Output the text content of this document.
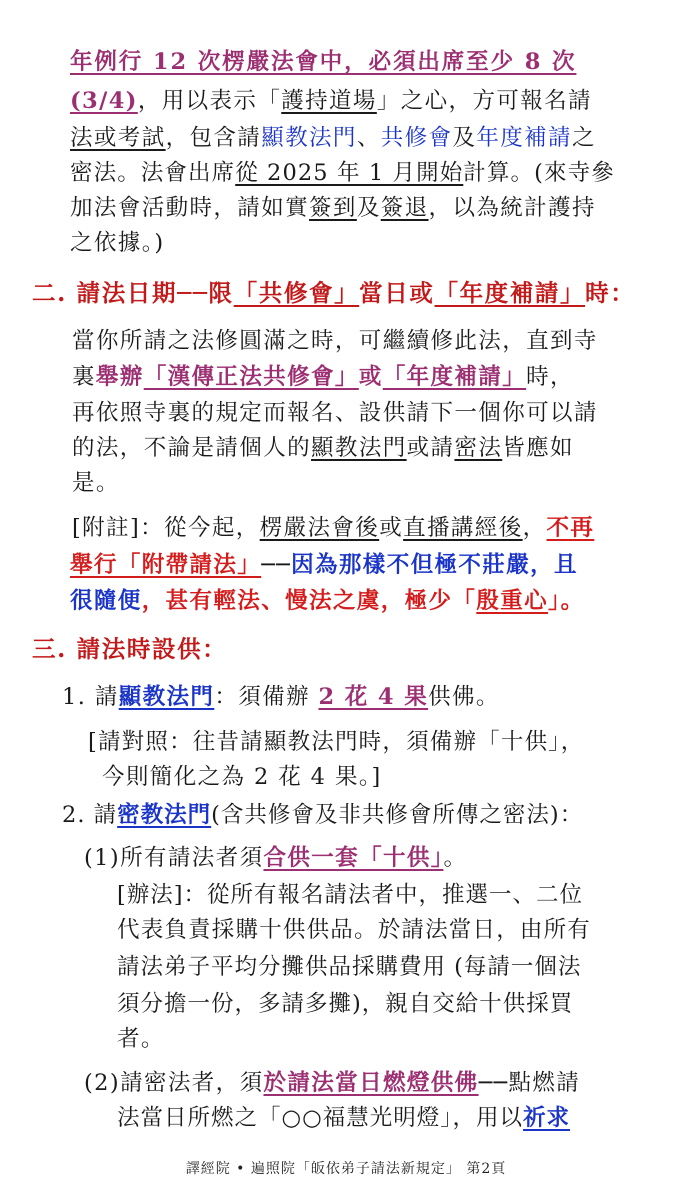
年例行 12 次楞嚴法會中，必須出席至少 8 次
(3/4)，用以表示「護持道場」之心，方可報名請
法或考試，包含請顯教法門、共修會及年度補請之
密法。法會出席從 2025 年 1 月開始計算。(來寺參
加法會活動時，請如實簽到及簽退，以為統計護持
之依據。)
二. 請法日期──限「共修會」當日或「年度補請」時：
當你所請之法修圓滿之時，可繼續修此法，直到寺
裏舉辦「漢傳正法共修會」或「年度補請」時，
再依照寺裏的規定而報名、設供請下一個你可以請
的法，不論是請個人的顯教法門或請密法皆應如
是。
[附註]：從今起，楞嚴法會後或直播講經後，不再
舉行「附帶請法」──因為那樣不但極不莊嚴，且
很隨便，甚有輕法、慢法之虞，極少「殷重心」。
三. 請法時設供：
1. 請顯教法門：須備辦 2 花 4 果供佛。
[請對照：往昔請顯教法門時，須備辦「十供」，
今則簡化之為 2 花 4 果。]
2. 請密教法門(含共修會及非共修會所傳之密法)：
(1)所有請法者須合供一套「十供」。
[辦法]：從所有報名請法者中，推選一、二位
代表負責採購十供供品。於請法當日，由所有
請法弟子平均分攤供品採購費用 (每請一個法
須分擔一份，多請多攤)，親自交給十供採買
者。
(2)請密法者，須於請法當日燃燈供佛──點燃請
法當日所燃之「○○福慧光明燈」，用以祈求
譯經院 • 遍照院「皈依弟子請法新規定」 第2頁
